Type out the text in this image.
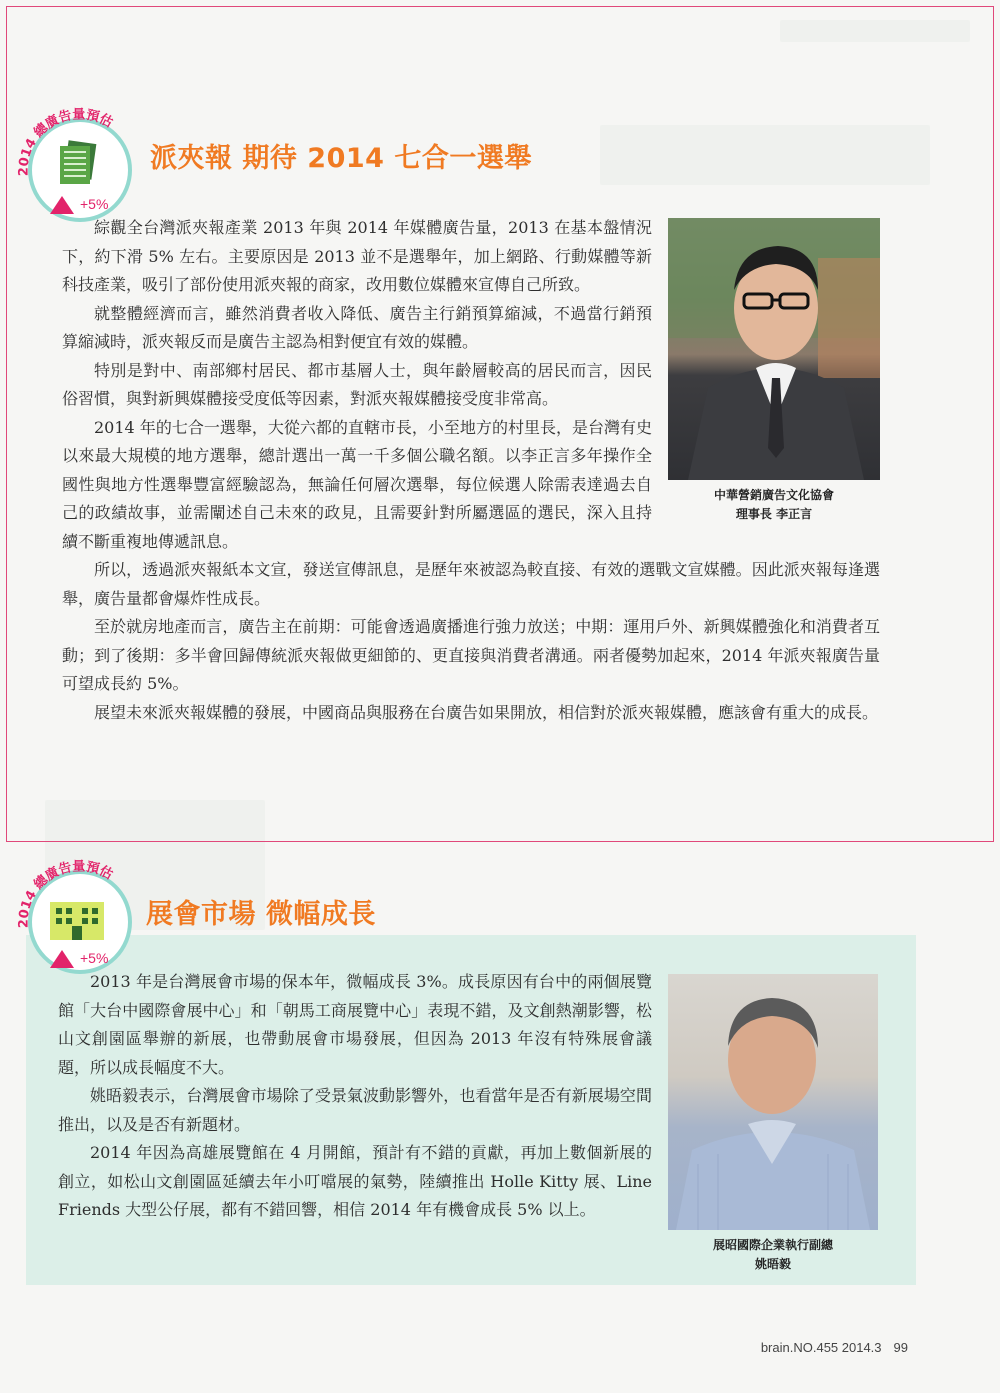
2014 總廣告量預估
+5%
派夾報 期待 2014 七合一選舉
中華營銷廣告文化協會
理事長 李正言

綜觀全台灣派夾報產業 2013 年與 2014 年媒體廣告量，2013 在基本盤情況下，約下滑 5% 左右。主要原因是 2013 並不是選舉年，加上網路、行動媒體等新科技產業，吸引了部份使用派夾報的商家，改用數位媒體來宣傳自己所致。

就整體經濟而言，雖然消費者收入降低、廣告主行銷預算縮減，不過當行銷預算縮減時，派夾報反而是廣告主認為相對便宜有效的媒體。

特別是對中、南部鄉村居民、都市基層人士，與年齡層較高的居民而言，因民俗習慣，與對新興媒體接受度低等因素，對派夾報媒體接受度非常高。

2014 年的七合一選舉，大從六都的直轄市長，小至地方的村里長，是台灣有史以來最大規模的地方選舉，總計選出一萬一千多個公職名額。以李正言多年操作全國性與地方性選舉豐富經驗認為，無論任何層次選舉，每位候選人除需表達過去自己的政績故事，並需闡述自己未來的政見，且需要針對所屬選區的選民，深入且持續不斷重複地傳遞訊息。

所以，透過派夾報紙本文宣，發送宣傳訊息，是歷年來被認為較直接、有效的選戰文宣媒體。因此派夾報每逢選舉，廣告量都會爆炸性成長。

至於就房地產而言，廣告主在前期：可能會透過廣播進行強力放送；中期：運用戶外、新興媒體強化和消費者互動；到了後期：多半會回歸傳統派夾報做更細節的、更直接與消費者溝通。兩者優勢加起來，2014 年派夾報廣告量可望成長約 5%。

展望未來派夾報媒體的發展，中國商品與服務在台廣告如果開放，相信對於派夾報媒體，應該會有重大的成長。

2014 總廣告量預估
+5%
展會市場 微幅成長
展昭國際企業執行副總
姚晤毅

2013 年是台灣展會市場的保本年，微幅成長 3%。成長原因有台中的兩個展覽館「大台中國際會展中心」和「朝馬工商展覽中心」表現不錯，及文創熱潮影響，松山文創園區舉辦的新展，也帶動展會市場發展，但因為 2013 年沒有特殊展會議題，所以成長幅度不大。

姚晤毅表示，台灣展會市場除了受景氣波動影響外，也看當年是否有新展場空間推出，以及是否有新題材。

2014 年因為高雄展覽館在 4 月開館，預計有不錯的貢獻，再加上數個新展的創立，如松山文創園區延續去年小叮噹展的氣勢，陸續推出 Holle Kitty 展、Line Friends 大型公仔展，都有不錯回響，相信 2014 年有機會成長 5% 以上。

brain.NO.455 2014.3 99
